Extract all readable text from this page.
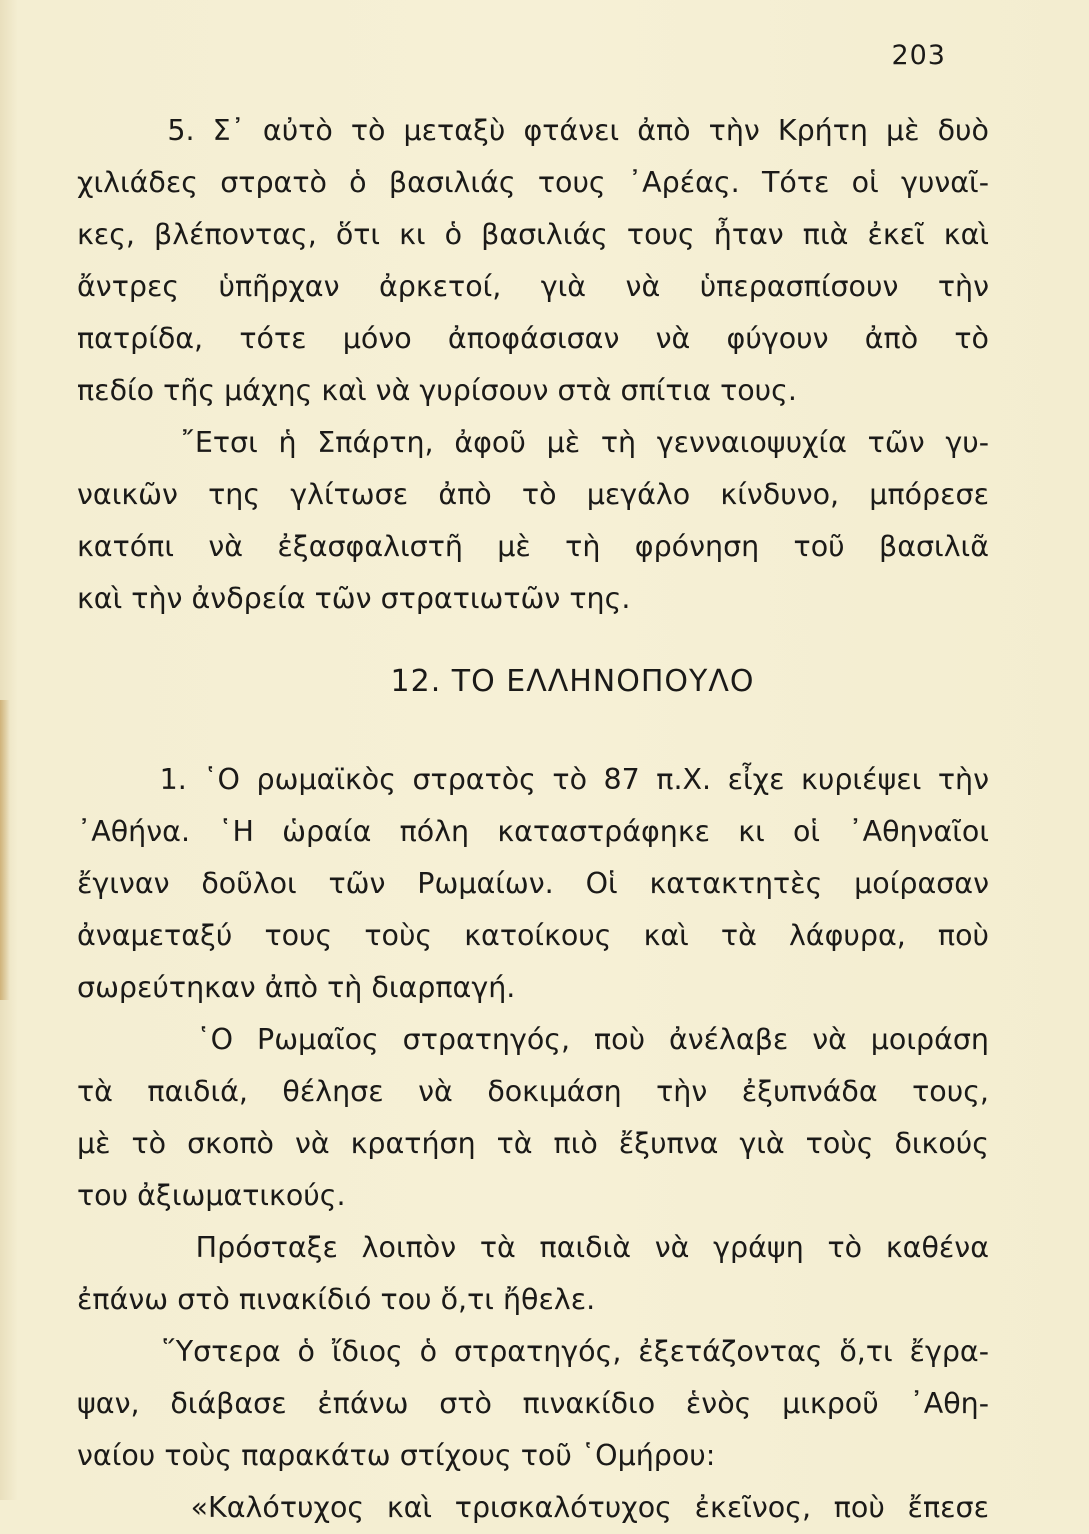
203
5. Σ᾿ αὐτὸ τὸ μεταξὺ φτάνει ἀπὸ τὴν Κρήτη μὲ δυὸ
χιλιάδες στρατὸ ὁ βασιλιάς τους ᾿Αρέας. Τότε οἱ γυναῖ-
κες, βλέποντας, ὅτι κι ὁ βασιλιάς τους ἦταν πιὰ ἐκεῖ καὶ
ἄντρες ὑπῆρχαν ἀρκετοί, γιὰ νὰ ὑπερασπίσουν τὴν
πατρίδα, τότε μόνο ἀποφάσισαν νὰ φύγουν ἀπὸ τὸ
πεδίο τῆς μάχης καὶ νὰ γυρίσουν στὰ σπίτια τους.
῎Ετσι ἡ Σπάρτη, ἀφοῦ μὲ τὴ γενναιοψυχία τῶν γυ-
ναικῶν της γλίτωσε ἀπὸ τὸ μεγάλο κίνδυνο, μπόρεσε
κατόπι νὰ ἐξασφαλιστῆ μὲ τὴ φρόνηση τοῦ βασιλιᾶ
καὶ τὴν ἀνδρεία τῶν στρατιωτῶν της.
12. ΤΟ ΕΛΛΗΝΟΠΟΥΛΟ
1. ῾Ο ρωμαϊκὸς στρατὸς τὸ 87 π.Χ. εἶχε κυριέψει τὴν
᾿Αθήνα. ῾Η ὡραία πόλη καταστράφηκε κι οἱ ᾿Αθηναῖοι
ἔγιναν δοῦλοι τῶν Ρωμαίων. Οἱ κατακτητὲς μοίρασαν
ἀναμεταξύ τους τοὺς κατοίκους καὶ τὰ λάφυρα, ποὺ
σωρεύτηκαν ἀπὸ τὴ διαρπαγή.
῾Ο Ρωμαῖος στρατηγός, ποὺ ἀνέλαβε νὰ μοιράση
τὰ παιδιά, θέλησε νὰ δοκιμάση τὴν ἐξυπνάδα τους,
μὲ τὸ σκοπὸ νὰ κρατήση τὰ πιὸ ἔξυπνα γιὰ τοὺς δικούς
του ἀξιωματικούς.
Πρόσταξε λοιπὸν τὰ παιδιὰ νὰ γράψη τὸ καθένα
ἐπάνω στὸ πινακίδιό του ὅ,τι ἤθελε.
῞Υστερα ὁ ἴδιος ὁ στρατηγός, ἐξετάζοντας ὅ,τι ἔγρα-
ψαν, διάβασε ἐπάνω στὸ πινακίδιο ἑνὸς μικροῦ ᾿Αθη-
ναίου τοὺς παρακάτω στίχους τοῦ ῾Ομήρου:
«Καλότυχος καὶ τρισκαλότυχος ἐκεῖνος, ποὺ ἔπεσε
